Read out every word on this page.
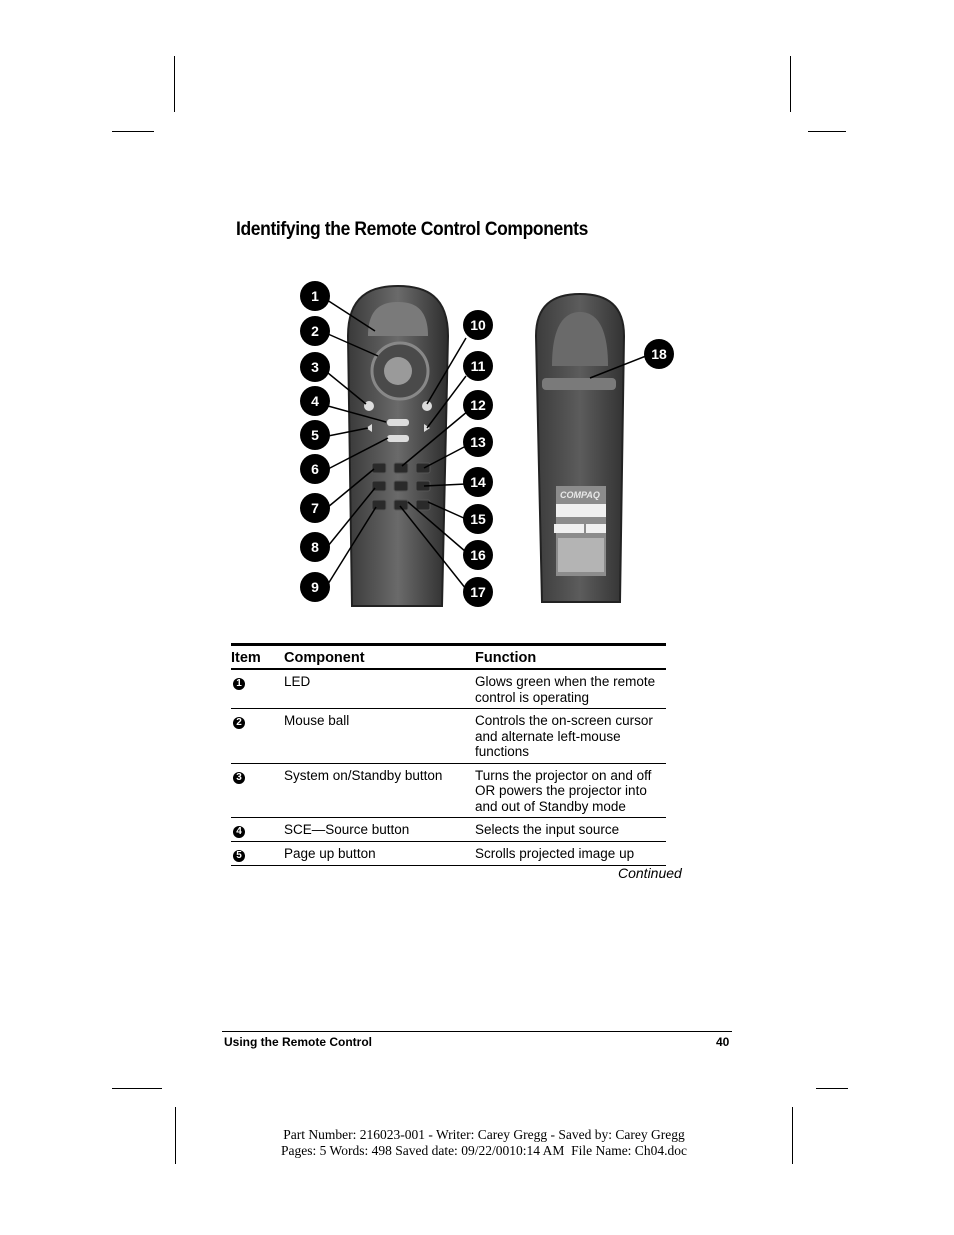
Identifying the Remote Control Components
COMPAQ
1
2
3
4
5
6
7
8
9
10
11
12
13
14
15
16
17
18
Item	Component	Function
1	LED	Glows green when the remote control is operating
2	Mouse ball	Controls the on-screen cursor and alternate left-mouse functions
3	System on/Standby button	Turns the projector on and off OR powers the projector into and out of Standby mode
4	SCE—Source button	Selects the input source
5	Page up button	Scrolls projected image up
Continued
Using the Remote Control	40
Part Number: 216023-001 - Writer: Carey Gregg - Saved by: Carey Gregg
Pages: 5 Words: 498 Saved date: 09/22/0010:14 AM  File Name: Ch04.doc
